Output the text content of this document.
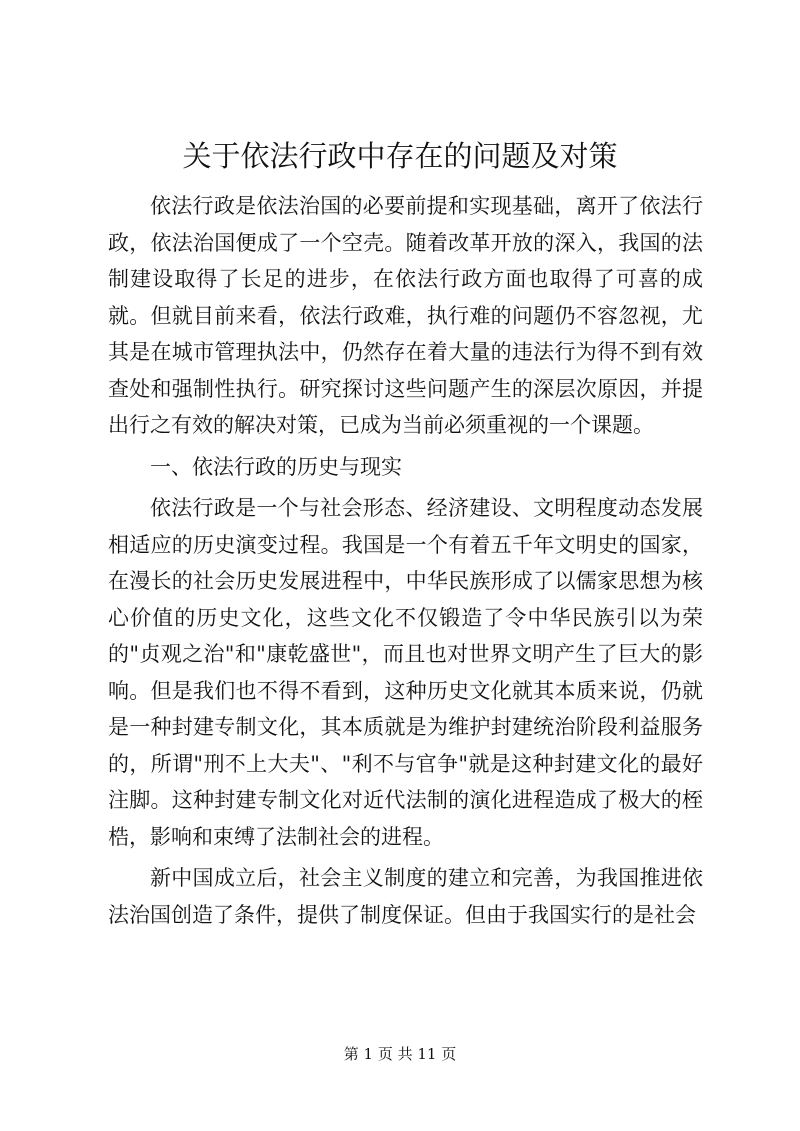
关于依法行政中存在的问题及对策

依法行政是依法治国的必要前提和实现基础，离开了依法行政，依法治国便成了一个空壳。随着改革开放的深入，我国的法制建设取得了长足的进步，在依法行政方面也取得了可喜的成就。但就目前来看，依法行政难，执行难的问题仍不容忽视，尤其是在城市管理执法中，仍然存在着大量的违法行为得不到有效查处和强制性执行。研究探讨这些问题产生的深层次原因，并提出行之有效的解决对策，已成为当前必须重视的一个课题。

一、依法行政的历史与现实

依法行政是一个与社会形态、经济建设、文明程度动态发展相适应的历史演变过程。我国是一个有着五千年文明史的国家，在漫长的社会历史发展进程中，中华民族形成了以儒家思想为核心价值的历史文化，这些文化不仅锻造了令中华民族引以为荣的"贞观之治"和"康乾盛世"，而且也对世界文明产生了巨大的影响。但是我们也不得不看到，这种历史文化就其本质来说，仍就是一种封建专制文化，其本质就是为维护封建统治阶段利益服务的，所谓"刑不上大夫"、"利不与官争"就是这种封建文化的最好注脚。这种封建专制文化对近代法制的演化进程造成了极大的桎梏，影响和束缚了法制社会的进程。

新中国成立后，社会主义制度的建立和完善，为我国推进依法治国创造了条件，提供了制度保证。但由于我国实行的是社会

第 1 页 共 11 页
